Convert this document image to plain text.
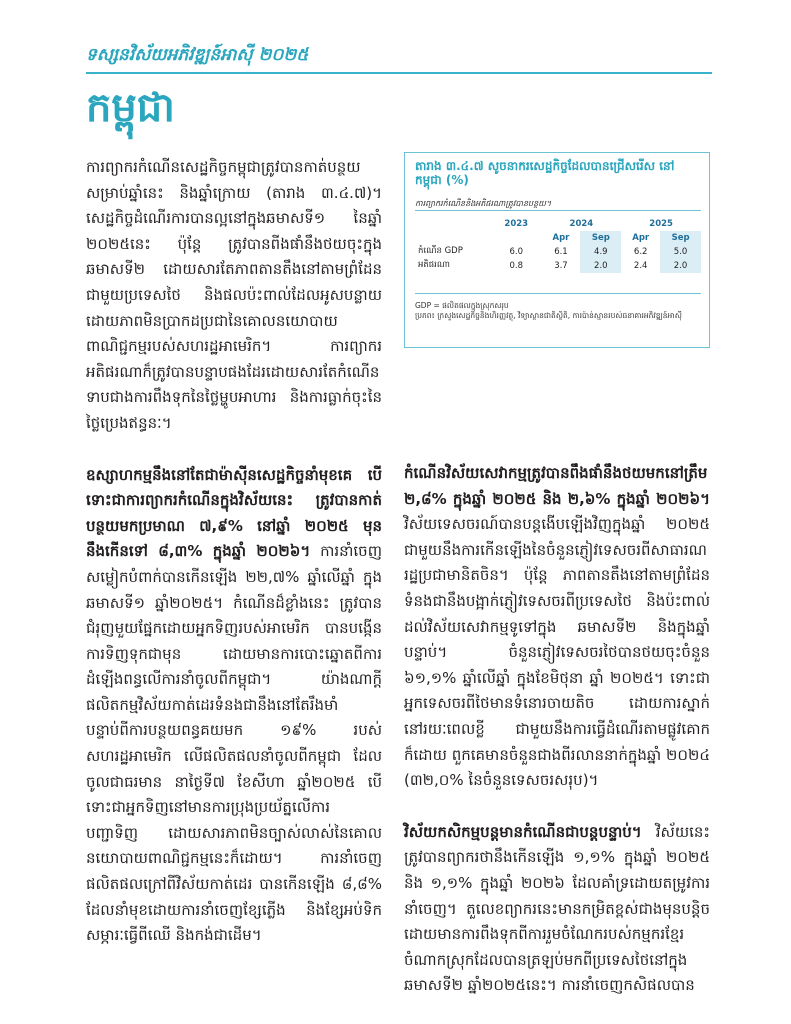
ទស្សនវិស័យអភិវឌ្ឍន៍អាស៊ី ២០២៥
កម្ពុជា

ការព្យាករកំណើនសេដ្ឋកិច្ចកម្ពុជាត្រូវបានកាត់បន្ថយសម្រាប់ឆ្នាំនេះ និងឆ្នាំក្រោយ (តារាង ៣.៤.៧)។ សេដ្ឋកិច្ចដំណើរការបានល្អនៅក្នុងឆមាសទី១ នៃឆ្នាំ ២០២៥នេះ ប៉ុន្តែ ត្រូវបានពីងផាំនឹងថយចុះក្នុងឆមាសទី២ ដោយសារតែភាពតានតឹងនៅតាមព្រំដែនជាមួយប្រទេសថៃ និងផលប៉ះពាល់ដែលអូសបន្លាយដោយភាពមិនប្រាកដប្រជានៃគោលនយោបាយពាណិជ្ជកម្មរបស់សហរដ្ឋអាមេរិក។ ការព្យាករអតិផរណាក៏ត្រូវបានបន្ទាបផងដែរដោយសារតែកំណើនទាបជាងការពឹងទុកនៃថ្លៃម្ហូបអាហារ និងការធ្លាក់ចុះនៃថ្លៃប្រេងឥន្ធនៈ។

ឧស្សាហកម្មនឹងនៅតែជាម៉ាស៊ីនសេដ្ឋកិច្ចនាំមុខគេ បើទោះជាការព្យាករកំណើនក្នុងវិស័យនេះ ត្រូវបានកាត់បន្ថយមកប្រមាណ ៧,៩% នៅឆ្នាំ ២០២៥ មុននឹងកើនទៅ ៨,៣% ក្នុងឆ្នាំ ២០២៦។ ការនាំចេញសម្លៀកបំពាក់បានកើនឡើង ២២,៧% ឆ្នាំលើឆ្នាំ ក្នុង ឆមាសទី១ ឆ្នាំ២០២៥។ កំណើនដ៏ខ្លាំងនេះ ត្រូវបានជំរុញមួយផ្នែកដោយអ្នកទិញរបស់អាមេរិក បានបង្កើនការទិញទុកជាមុន ដោយមានការបោះឆ្នោតពីការដំឡើងពន្ធលើការនាំចូលពីកម្ពុជា។ យ៉ាងណាក្តី ផលិតកម្មវិស័យកាត់ដេរទំនងជានឹងនៅតែរឹងមាំ បន្ទាប់ពីការបន្ថយពន្ធគយមក ១៩% របស់សហរដ្ឋអាមេរិក លើផលិតផលនាំចូលពីកម្ពុជា ដែលចូលជាធរមាន នាថ្ងៃទី៧ ខែសីហា ឆ្នាំ២០២៥ បើទោះជាអ្នកទិញនៅមានការប្រុងប្រយ័ត្នលើការបញ្ជាទិញ ដោយសារភាពមិនច្បាស់លាស់នៃគោលនយោបាយពាណិជ្ជកម្មនេះក៏ដោយ។ ការនាំចេញផលិតផលក្រៅពីវិស័យកាត់ដេរ បានកើនឡើង ៨,៨% ដែលនាំមុខដោយការនាំចេញខ្សែភ្លើង និងខ្សែអប់ទិក សម្ភារៈធ្វើពីឈើ និងកង់ជាដើម។

តារាង ៣.៤.៧ សូចនាករសេដ្ឋកិច្ចដែលបានជ្រើសរើស នៅកម្ពុជា (%)
ការព្យាករកំណើននិងអតិផរណាត្រូវបានបន្ថយ។
	2023	2024		2025	
		Apr	Sep	Apr	Sep
កំណើន GDP	6.0	6.1	4.9	6.2	5.0
អតិផរណា	0.8	3.7	2.0	2.4	2.0
GDP = ផលិតផលក្នុងស្រុកសរុប
ប្រភព៖ ក្រសួងសេដ្ឋកិច្ចនិងហិរញ្ញវត្ថុ, វិទ្យាស្ថានជាតិស្ថិតិ, ការប៉ាន់ស្មានរបស់ធនាគារអភិវឌ្ឍន៍អាស៊ី

កំណើនវិស័យសេវាកម្មត្រូវបានពឹងផាំនឹងថយមកនៅត្រឹម ២,៨% ក្នុងឆ្នាំ ២០២៥ និង ២,៦% ក្នុងឆ្នាំ ២០២៦។ វិស័យទេសចរណ៍បានបន្តងើបឡើងវិញក្នុងឆ្នាំ ២០២៥ ជាមួយនឹងការកើនឡើងនៃចំនួនភ្ញៀវទេសចរពីសាធារណរដ្ឋប្រជាមានិតចិន។ ប៉ុន្តែ ភាពតានតឹងនៅតាមព្រំដែនទំនងជានឹងបង្អាក់ភ្ញៀវទេសចរពីប្រទេសថៃ និងប៉ះពាល់ដល់វិស័យសេវាកម្មទូទៅក្នុង ឆមាសទី២ និងក្នុងឆ្នាំបន្ទាប់។ ចំនួនភ្ញៀវទេសចរថៃបានថយចុះចំនួន ៦១,១% ឆ្នាំលើឆ្នាំ ក្នុងខែមិថុនា ឆ្នាំ ២០២៥។ ទោះជាអ្នកទេសចរពីថៃមានទំនោរចាយតិច ដោយការស្នាក់នៅរយៈពេលខ្លី ជាមួយនឹងការធ្វើដំណើរតាមផ្លូវគោកក៏ដោយ ពួកគេមានចំនួនជាងពីរលាននាក់ក្នុងឆ្នាំ ២០២៤ (៣២,០% នៃចំនួនទេសចរសរុប)។

វិស័យកសិកម្មបន្តមានកំណើនជាបន្តបន្ទាប់។ វិស័យនេះត្រូវបានព្យាករថានឹងកើនឡើង ១,១% ក្នុងឆ្នាំ ២០២៥ និង ១,១% ក្នុងឆ្នាំ ២០២៦ ដែលគាំទ្រដោយតម្រូវការនាំចេញ។ តួលេខព្យាករនេះមានកម្រិតខ្ពស់ជាងមុនបន្តិច ដោយមានការពឹងទុកពីការរួមចំណែករបស់កម្មករខ្មែរចំណាកស្រុកដែលបានត្រឡប់មកពីប្រទេសថៃនៅក្នុងឆមាសទី២ ឆ្នាំ២០២៥នេះ។ ការនាំចេញកសិផលបាន
